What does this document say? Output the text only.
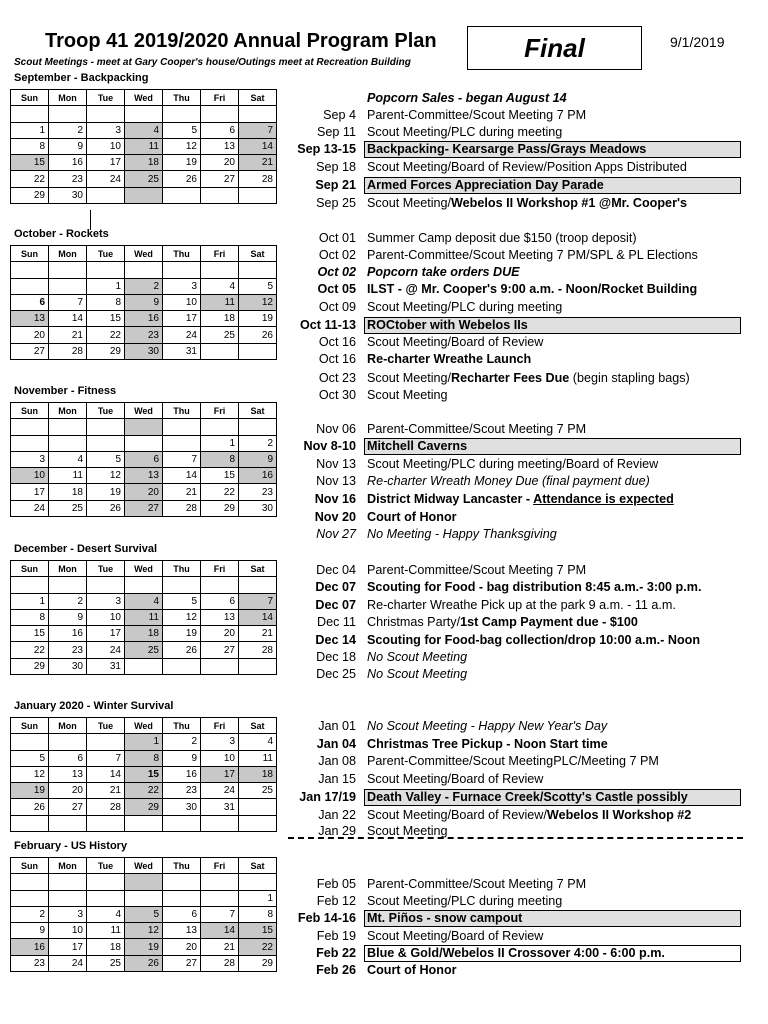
Troop 41 2019/2020 Annual Program Plan
Scout Meetings - meet at Gary Cooper's house/Outings meet at Recreation Building	Final	9/1/2019
September - Backpacking
Sun	Mon	Tue	Wed	Thu	Fri	Sat

1	2	3	4	5	6	7
8	9	10	11	12	13	14
15	16	17	18	19	20	21
22	23	24	25	26	27	28
29	30					
October - Rockets
Sun	Mon	Tue	Wed	Thu	Fri	Sat

		1	2	3	4	5
6	7	8	9	10	11	12
13	14	15	16	17	18	19
20	21	22	23	24	25	26
27	28	29	30	31		
November - Fitness
Sun	Mon	Tue	Wed	Thu	Fri	Sat

					1	2
3	4	5	6	7	8	9
10	11	12	13	14	15	16
17	18	19	20	21	22	23
24	25	26	27	28	29	30
December - Desert Survival
Sun	Mon	Tue	Wed	Thu	Fri	Sat

1	2	3	4	5	6	7
8	9	10	11	12	13	14
15	16	17	18	19	20	21
22	23	24	25	26	27	28
29	30	31				
January 2020 - Winter Survival
Sun	Mon	Tue	Wed	Thu	Fri	Sat
			1	2	3	4
5	6	7	8	9	10	11
12	13	14	15	16	17	18
19	20	21	22	23	24	25
26	27	28	29	30	31	

February - US History
Sun	Mon	Tue	Wed	Thu	Fri	Sat

						1
2	3	4	5	6	7	8
9	10	11	12	13	14	15
16	17	18	19	20	21	22
23	24	25	26	27	28	29
Popcorn Sales - began August 14
Sep 4 Parent-Committee/Scout Meeting 7 PM
Sep 11 Scout Meeting/PLC during meeting
Sep 13-15 Backpacking- Kearsarge Pass/Grays Meadows
Sep 18 Scout Meeting/Board of Review/Position Apps Distributed
Sep 21 Armed Forces Appreciation Day Parade
Sep 25 Scout Meeting/Webelos II Workshop #1 @Mr. Cooper's
Oct 01 Summer Camp deposit due $150 (troop deposit)
Oct 02 Parent-Committee/Scout Meeting 7 PM/SPL & PL Elections
Oct 02 Popcorn take orders DUE
Oct 05 ILST - @ Mr. Cooper's 9:00 a.m. - Noon/Rocket Building
Oct 09 Scout Meeting/PLC during meeting
Oct 11-13 ROCtober with Webelos IIs
Oct 16 Scout Meeting/Board of Review
Oct 16 Re-charter Wreathe Launch
Oct 23 Scout Meeting/Recharter Fees Due (begin stapling bags)
Oct 30 Scout Meeting
Nov 06 Parent-Committee/Scout Meeting 7 PM
Nov 8-10 Mitchell Caverns
Nov 13 Scout Meeting/PLC during meeting/Board of Review
Nov 13 Re-charter Wreath Money Due (final payment due)
Nov 16 District Midway Lancaster - Attendance is expected
Nov 20 Court of Honor
Nov 27 No Meeting - Happy Thanksgiving
Dec 04 Parent-Committee/Scout Meeting 7 PM
Dec 07 Scouting for Food - bag distribution 8:45 a.m.- 3:00 p.m.
Dec 07 Re-charter Wreathe Pick up at the park 9 a.m. - 11 a.m.
Dec 11 Christmas Party/1st Camp Payment due - $100
Dec 14 Scouting for Food-bag collection/drop 10:00 a.m.- Noon
Dec 18 No Scout Meeting
Dec 25 No Scout Meeting
Jan 01 No Scout Meeting - Happy New Year's Day
Jan 04 Christmas Tree Pickup - Noon Start time
Jan 08 Parent-Committee/Scout MeetingPLC/Meeting 7 PM
Jan 15 Scout Meeting/Board of Review
Jan 17/19 Death Valley - Furnace Creek/Scotty's Castle possibly
Jan 22 Scout Meeting/Board of Review/Webelos II Workshop #2
Jan 29 Scout Meeting
Feb 05 Parent-Committee/Scout Meeting 7 PM
Feb 12 Scout Meeting/PLC during meeting
Feb 14-16 Mt. Piños - snow campout
Feb 19 Scout Meeting/Board of Review
Feb 22 Blue & Gold/Webelos II Crossover 4:00 - 6:00 p.m.
Feb 26 Court of Honor
